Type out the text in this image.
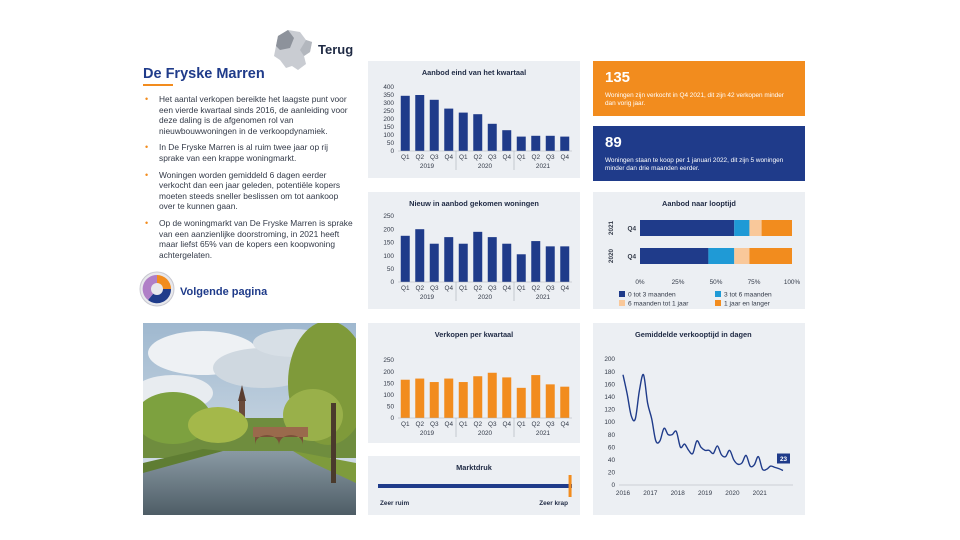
Terug
De Fryske Marren
• Het aantal verkopen bereikte het laagste punt voor een vierde kwartaal sinds 2016, de aanleiding voor deze daling is de afgenomen rol van nieuwbouwwoningen in de verkoopdynamiek.
• In De Fryske Marren is al ruim twee jaar op rij sprake van een krappe woningmarkt.
• Woningen worden gemiddeld 6 dagen eerder verkocht dan een jaar geleden, potentiële kopers moeten steeds sneller beslissen om tot aankoop over te kunnen gaan.
• Op de woningmarkt van De Fryske Marren is sprake van een aanzienlijke doorstroming, in 2021 heeft maar liefst 65% van de kopers een koopwoning achtergelaten.
Volgende pagina
Aanbod eind van het kwartaal
0
50
100
150
200
250
300
350
400
Q1 Q2 Q3 Q4 Q1 Q2 Q3 Q4 Q1 Q2 Q3 Q4
2019	2020	2021
Nieuw in aanbod gekomen woningen
0
50
100
150
200
250
Q1 Q2 Q3 Q4 Q1 Q2 Q3 Q4 Q1 Q2 Q3 Q4
2019	2020	2021
Verkopen per kwartaal
0
50
100
150
200
250
Q1 Q2 Q3 Q4 Q1 Q2 Q3 Q4 Q1 Q2 Q3 Q4
2019	2020	2021
Marktdruk
Zeer ruim	Zeer krap
135
Woningen zijn verkocht in Q4 2021, dit zijn 42 verkopen minder dan vorig jaar.
89
Woningen staan te koop per 1 januari 2022, dit zijn 5 woningen minder dan drie maanden eerder.
Aanbod naar looptijd
Q4
2021
Q4
2020
0%	25%	50%	75%	100%
0 tot 3 maanden	3 tot 6 maanden
6 maanden tot 1 jaar	1 jaar en langer
Gemiddelde verkooptijd in dagen
0
20
40
60
80
100
120
140
160
180
200
2016 2017 2018 2019 2020 2021
23
